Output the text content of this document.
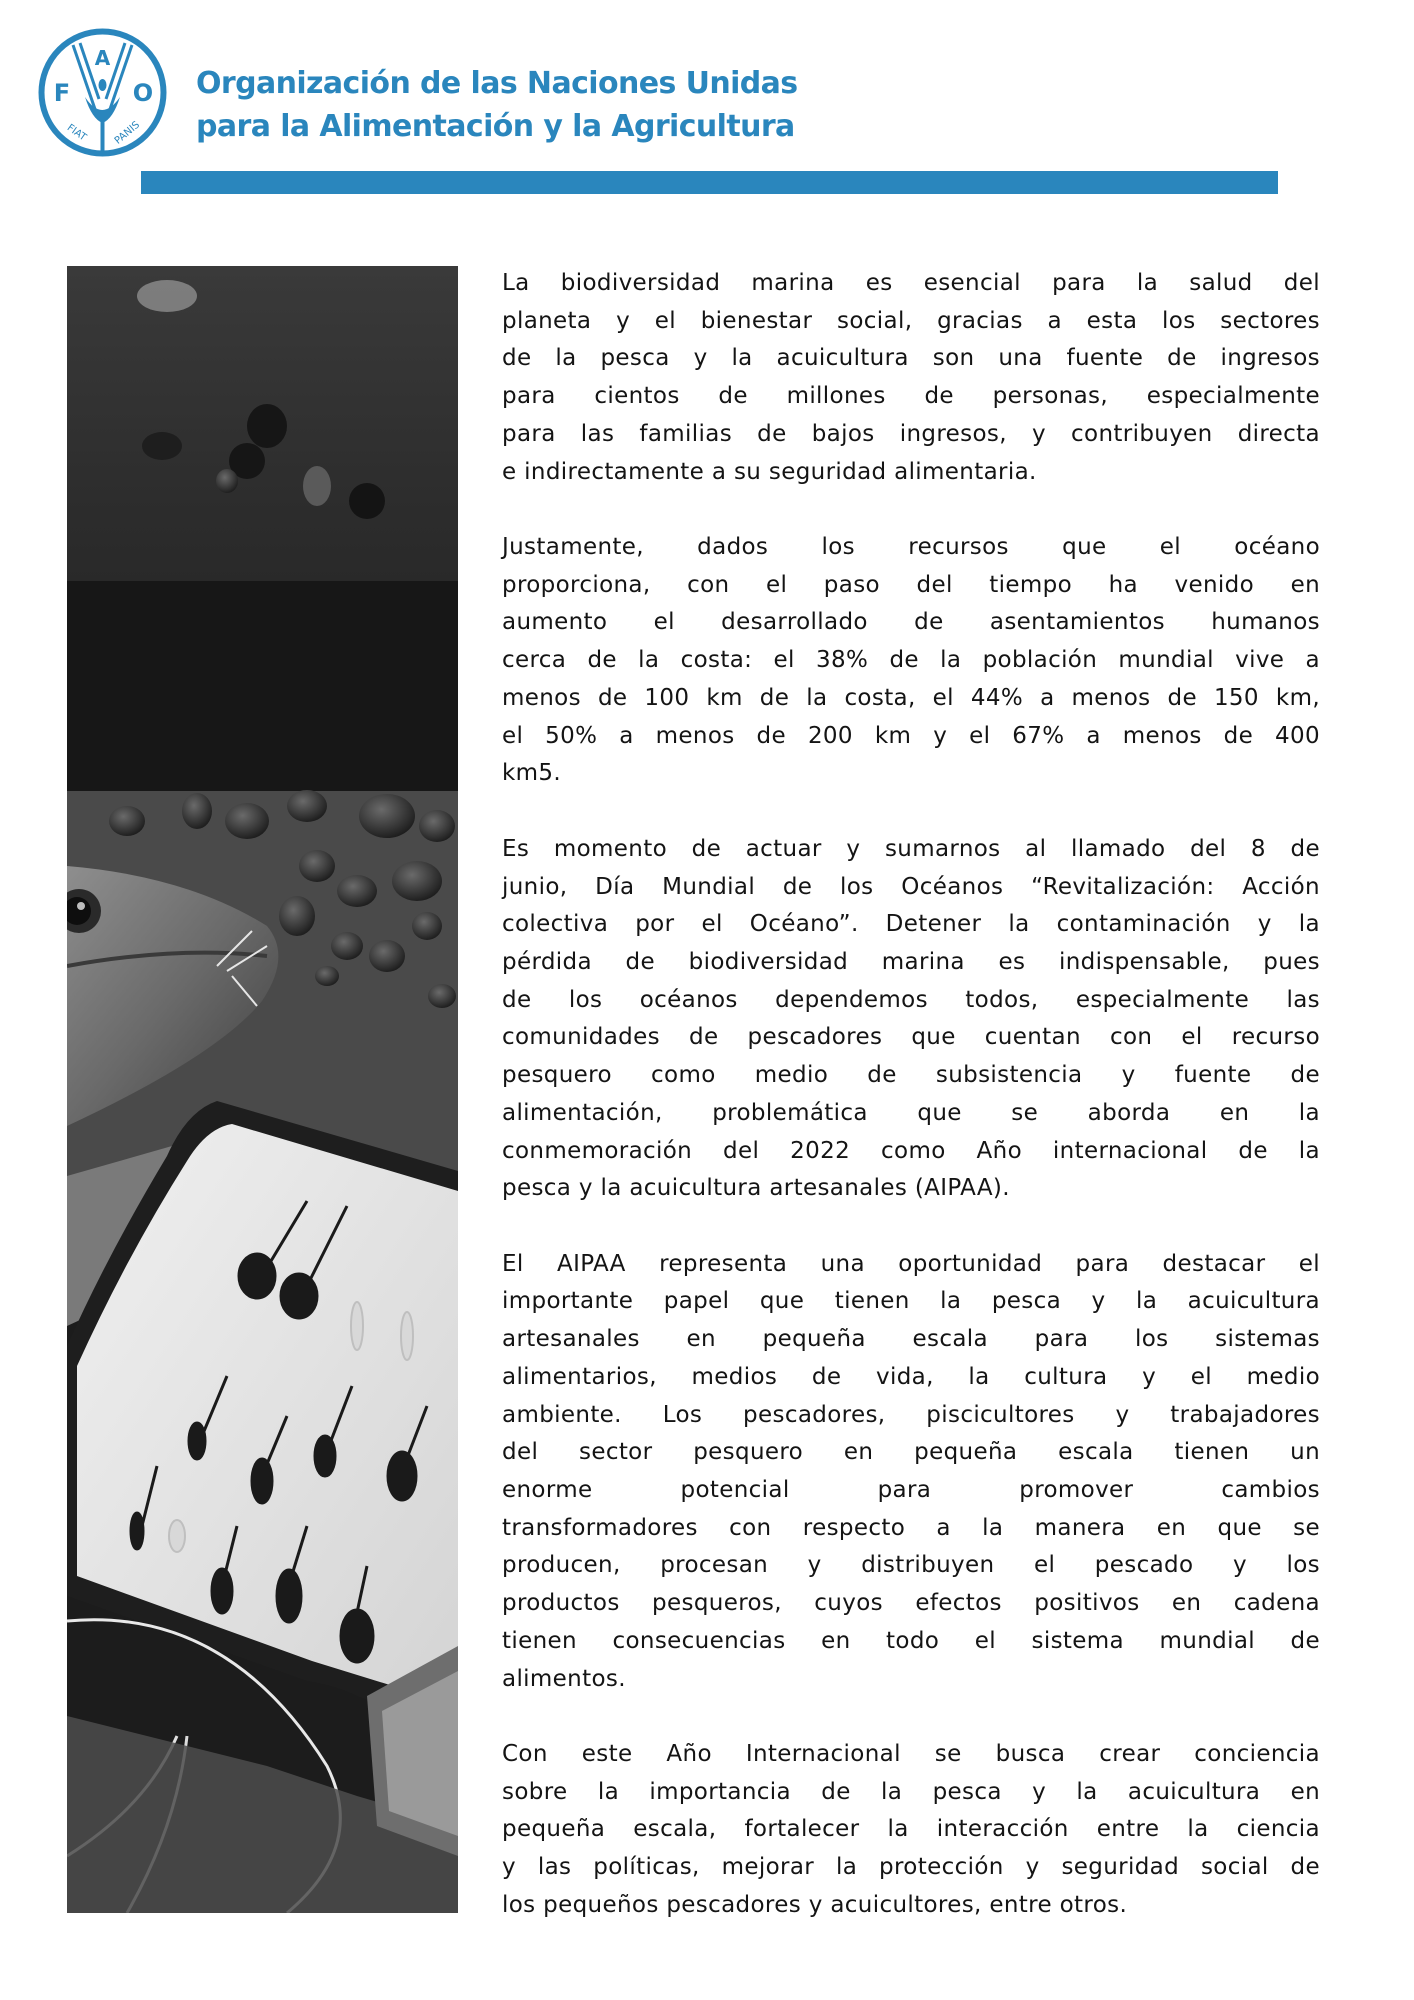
A
F	O
FIAT PANIS
Organización de las Naciones Unidas
para la Alimentación y la Agricultura
La biodiversidad marina es esencial para la salud del
planeta y el bienestar social, gracias a esta los sectores
de la pesca y la acuicultura son una fuente de ingresos
para cientos de millones de personas, especialmente
para las familias de bajos ingresos, y contribuyen directa
e indirectamente a su seguridad alimentaria.
Justamente, dados los recursos que el océano
proporciona, con el paso del tiempo ha venido en
aumento el desarrollado de asentamientos humanos
cerca de la costa: el 38% de la población mundial vive a
menos de 100 km de la costa, el 44% a menos de 150 km,
el 50% a menos de 200 km y el 67% a menos de 400
km5.
Es momento de actuar y sumarnos al llamado del 8 de
junio, Día Mundial de los Océanos “Revitalización: Acción
colectiva por el Océano”. Detener la contaminación y la
pérdida de biodiversidad marina es indispensable, pues
de los océanos dependemos todos, especialmente las
comunidades de pescadores que cuentan con el recurso
pesquero como medio de subsistencia y fuente de
alimentación, problemática que se aborda en la
conmemoración del 2022 como Año internacional de la
pesca y la acuicultura artesanales (AIPAA).
El AIPAA representa una oportunidad para destacar el
importante papel que tienen la pesca y la acuicultura
artesanales en pequeña escala para los sistemas
alimentarios, medios de vida, la cultura y el medio
ambiente. Los pescadores, piscicultores y trabajadores
del sector pesquero en pequeña escala tienen un
enorme potencial para promover cambios
transformadores con respecto a la manera en que se
producen, procesan y distribuyen el pescado y los
productos pesqueros, cuyos efectos positivos en cadena
tienen consecuencias en todo el sistema mundial de
alimentos.
Con este Año Internacional se busca crear conciencia
sobre la importancia de la pesca y la acuicultura en
pequeña escala, fortalecer la interacción entre la ciencia
y las políticas, mejorar la protección y seguridad social de
los pequeños pescadores y acuicultores, entre otros.
